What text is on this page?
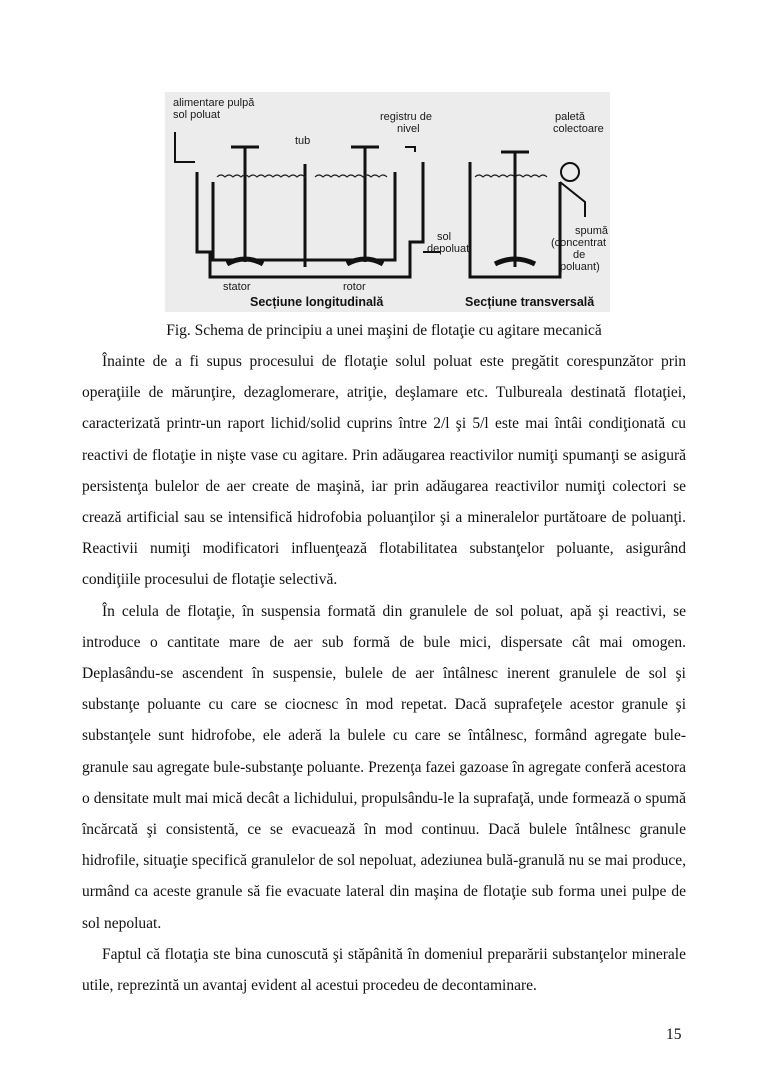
alimentare pulpă sol poluat
tub
registru de nivel
paletă colectoare
sol depoluat
spumă (concentrat de poluant)
stator	rotor
Secțiune longitudinală	Secțiune transversală
Fig. Schema de principiu a unei maşini de flotaţie cu agitare mecanică

Înainte de a fi supus procesului de flotaţie solul poluat este pregătit corespunzător prin operaţiile de mărunţire, dezaglomerare, atriţie, deşlamare etc. Tulbureala destinată flotaţiei, caracterizată printr-un raport lichid/solid cuprins între 2/l şi 5/l este mai întâi condiţionată cu reactivi de flotaţie in nişte vase cu agitare. Prin adăugarea reactivilor numiţi spumanţi se asigură persistenţa bulelor de aer create de maşină, iar prin adăugarea reactivilor numiţi colectori se crează artificial sau se intensifică hidrofobia poluanţilor şi a mineralelor purtătoare de poluanţi. Reactivii numiţi modificatori influenţează flotabilitatea substanţelor poluante, asigurând condiţiile procesului de flotaţie selectivă.

În celula de flotaţie, în suspensia formată din granulele de sol poluat, apă şi reactivi, se introduce o cantitate mare de aer sub formă de bule mici, dispersate cât mai omogen. Deplasându-se ascendent în suspensie, bulele de aer întâlnesc inerent granulele de sol şi substanţe poluante cu care se ciocnesc în mod repetat. Dacă suprafeţele acestor granule şi substanţele sunt hidrofobe, ele aderă la bulele cu care se întâlnesc, formând agregate bule-granule sau agregate bule-substanţe poluante. Prezenţa fazei gazoase în agregate conferă acestora o densitate mult mai mică decât a lichidului, propulsându-le la suprafaţă, unde formează o spumă încărcată şi consistentă, ce se evacuează în mod continuu. Dacă bulele întâlnesc granule hidrofile, situaţie specifică granulelor de sol nepoluat, adeziunea bulă-granulă nu se mai produce, urmând ca aceste granule să fie evacuate lateral din maşina de flotaţie sub forma unei pulpe de sol nepoluat.

Faptul că flotaţia ste bina cunoscută şi stăpânită în domeniul preparării substanţelor minerale utile, reprezintă un avantaj evident al acestui procedeu de decontaminare.

15
